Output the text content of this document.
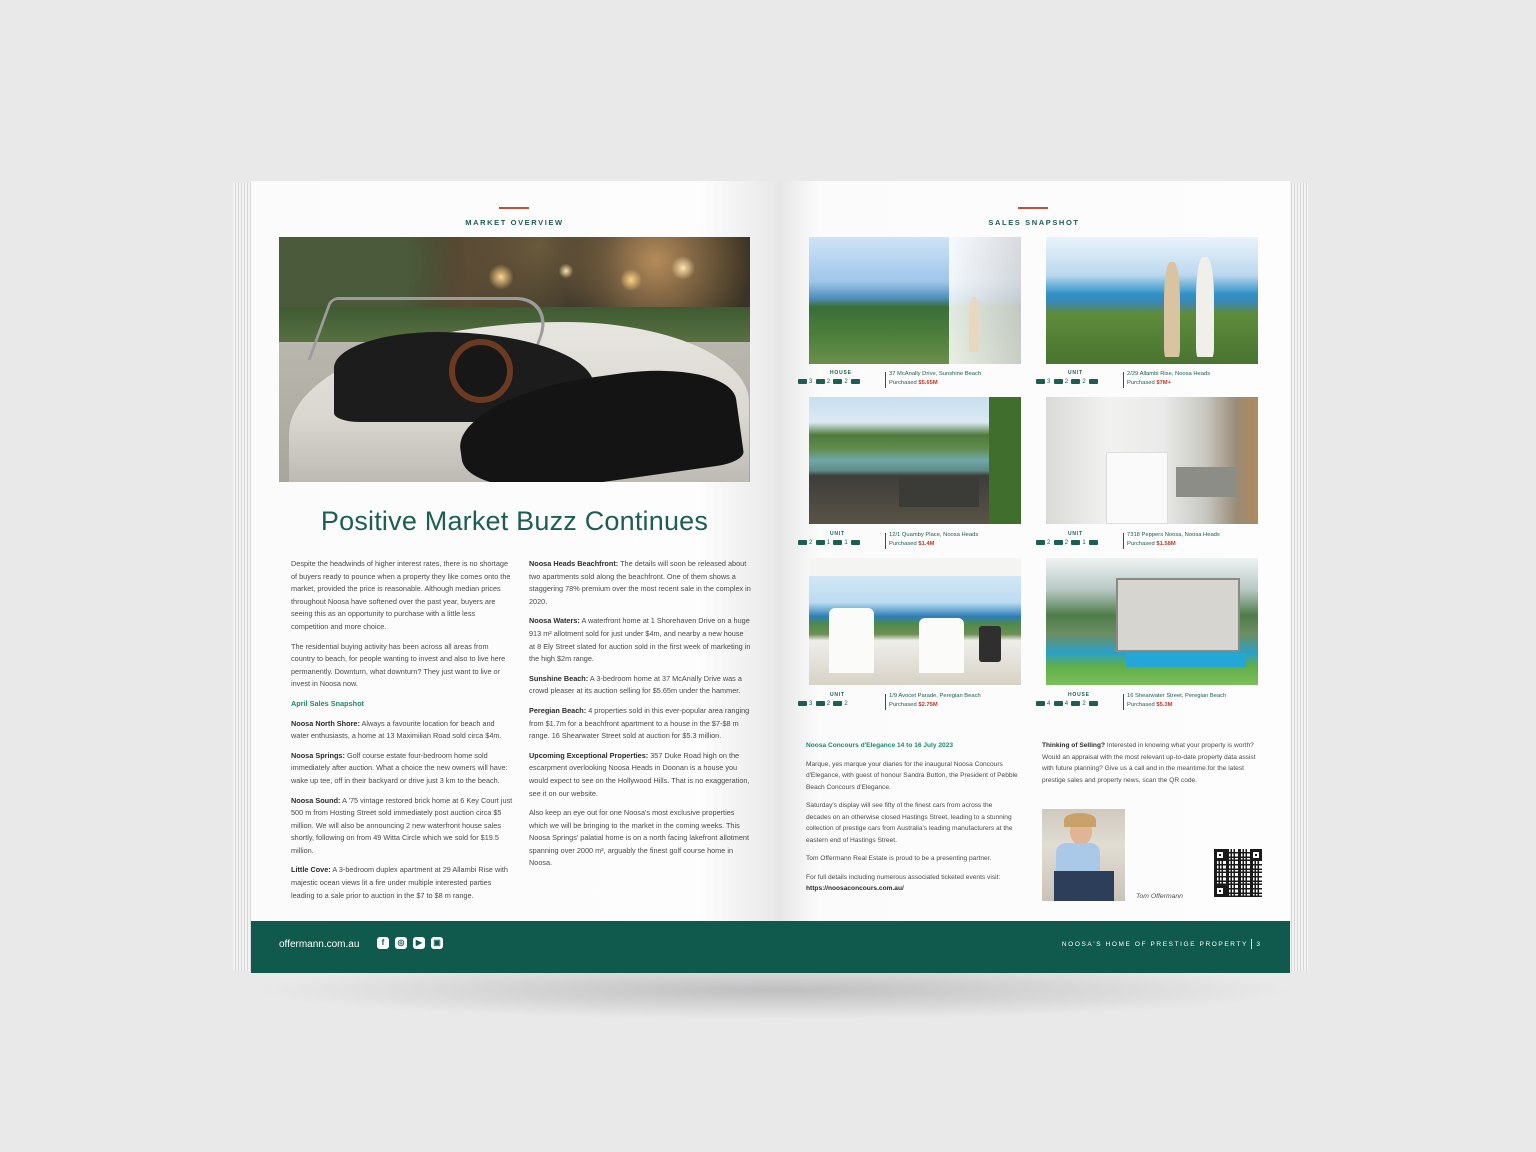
MARKET OVERVIEW
Positive Market Buzz Continues

Despite the headwinds of higher interest rates, there is no shortage of buyers ready to pounce when a property they like comes onto the market, provided the price is reasonable. Although median prices throughout Noosa have softened over the past year, buyers are seeing this as an opportunity to purchase with a little less competition and more choice.

The residential buying activity has been across all areas from country to beach, for people wanting to invest and also to live here permanently. Downturn, what downturn? They just want to live or invest in Noosa now.

April Sales Snapshot

Noosa North Shore: Always a favourite location for beach and water enthusiasts, a home at 13 Maximilian Road sold circa $4m.

Noosa Springs: Golf course estate four-bedroom home sold immediately after auction. What a choice the new owners will have: wake up tee, off in their backyard or drive just 3 km to the beach.

Noosa Sound: A '75 vintage restored brick home at 6 Key Court just 500 m from Hosting Street sold immediately post auction circa $5 million. We will also be announcing 2 new waterfront house sales shortly, following on from 49 Witta Circle which we sold for $19.5 million.

Little Cove: A 3-bedroom duplex apartment at 29 Allambi Rise with majestic ocean views lit a fire under multiple interested parties leading to a sale prior to auction in the $7 to $8 m range.

Noosa Heads Beachfront: The details will soon be released about two apartments sold along the beachfront. One of them shows a staggering 78% premium over the most recent sale in the complex in 2020.

Noosa Waters: A waterfront home at 1 Shorehaven Drive on a huge 913 m² allotment sold for just under $4m, and nearby a new house at 8 Ely Street slated for auction sold in the first week of marketing in the high $2m range.

Sunshine Beach: A 3-bedroom home at 37 McAnally Drive was a crowd pleaser at its auction selling for $5.65m under the hammer.

Peregian Beach: 4 properties sold in this ever-popular area ranging from $1.7m for a beachfront apartment to a house in the $7-$8 m range. 16 Shearwater Street sold at auction for $5.3 million.

Upcoming Exceptional Properties: 357 Duke Road high on the escarpment overlooking Noosa Heads in Doonan is a house you would expect to see on the Hollywood Hills. That is no exaggeration, see it on our website.

Also keep an eye out for one Noosa's most exclusive properties which we will be bringing to the market in the coming weeks. This Noosa Springs' palatial home is on a north facing lakefront allotment spanning over 2000 m², arguably the finest golf course home in Noosa.

offermann.com.au	f	◎	▶	▣
SALES SNAPSHOT
HOUSE
3 2 2
37 McAnally Drive, Sunshine Beach
Purchased $5.65M
UNIT
3 2 2
2/29 Allambi Rise, Noosa Heads
Purchased $7M+
UNIT
2 1 1
12/1 Quamby Place, Noosa Heads
Purchased $1.4M
UNIT
2 2 1
7318 Peppers Noosa, Noosa Heads
Purchased $1.58M
UNIT
3 2 2
1/9 Avocet Parade, Peregian Beach
Purchased $2.75M
HOUSE
4 4 2
16 Shearwater Street, Peregian Beach
Purchased $5.3M

Noosa Concours d'Elegance 14 to 16 July 2023

Marque, yes marque your diaries for the inaugural Noosa Concours d'Elegance, with guest of honour Sandra Button, the President of Pebble Beach Concours d'Elegance.

Saturday's display will see fifty of the finest cars from across the decades on an otherwise closed Hastings Street, leading to a stunning collection of prestige cars from Australia's leading manufacturers at the eastern end of Hastings Street.

Tom Offermann Real Estate is proud to be a presenting partner.

For full details including numerous associated ticketed events visit: https://noosaconcours.com.au/

Thinking of Selling? Interested in knowing what your property is worth? Would an appraisal with the most relevant up-to-date property data assist with future planning? Give us a call and in the meantime for the latest prestige sales and property news, scan the QR code.

Tom Offermann
NOOSA'S HOME OF PRESTIGE PROPERTY 3
